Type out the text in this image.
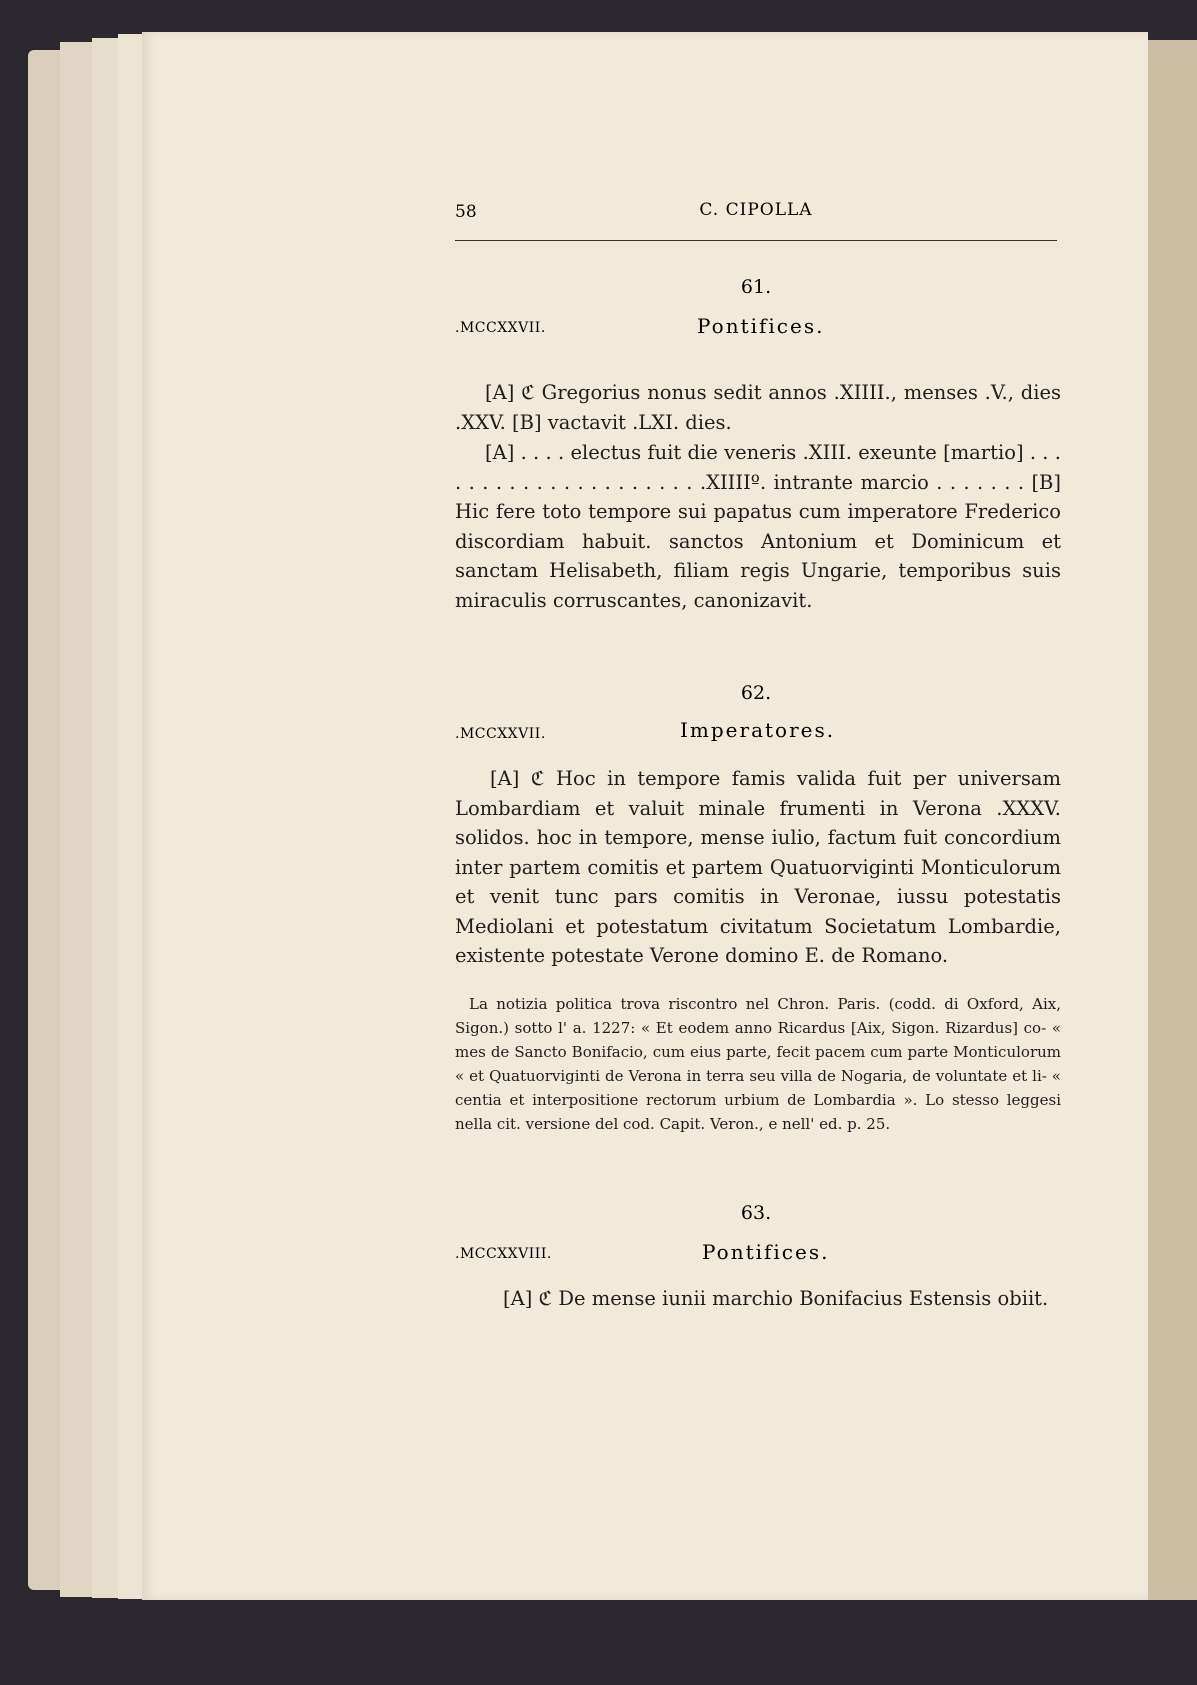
58	C. CIPOLLA
61.
.MCCXXVII.	Pontifices.

[A] ℭ Gregorius nonus sedit annos .XIIII., menses .V., dies .XXV. [B] vactavit .LXI. dies.

[A] . . . . electus fuit die veneris .XIII. exeunte [martio] . . . . . . . . . . . . . . . . . . . . . .XIIIIº. intrante marcio . . . . . . . [B] Hic fere toto tempore sui papatus cum imperatore Frederico discordiam habuit. sanctos Antonium et Dominicum et sanctam Helisabeth, filiam regis Ungarie, temporibus suis miraculis corruscantes, canonizavit.

62.
.MCCXXVII.	Imperatores.

[A] ℭ Hoc in tempore famis valida fuit per universam Lombardiam et valuit minale frumenti in Verona .XXXV. solidos. hoc in tempore, mense iulio, factum fuit concordium inter partem comitis et partem Quatuorviginti Monticulorum et venit tunc pars comitis in Veronae, iussu potestatis Mediolani et potestatum civitatum Societatum Lombardie, existente potestate Verone domino E. de Romano.

La notizia politica trova riscontro nel Chron. Paris. (codd. di Oxford, Aix, Sigon.) sotto l' a. 1227: « Et eodem anno Ricardus [Aix, Sigon. Rizardus] co- « mes de Sancto Bonifacio, cum eius parte, fecit pacem cum parte Monticulorum « et Quatuorviginti de Verona in terra seu villa de Nogaria, de voluntate et li- « centia et interpositione rectorum urbium de Lombardia ». Lo stesso leggesi nella cit. versione del cod. Capit. Veron., e nell' ed. p. 25.

63.
.MCCXXVIII.	Pontifices.

[A] ℭ De mense iunii marchio Bonifacius Estensis obiit.
